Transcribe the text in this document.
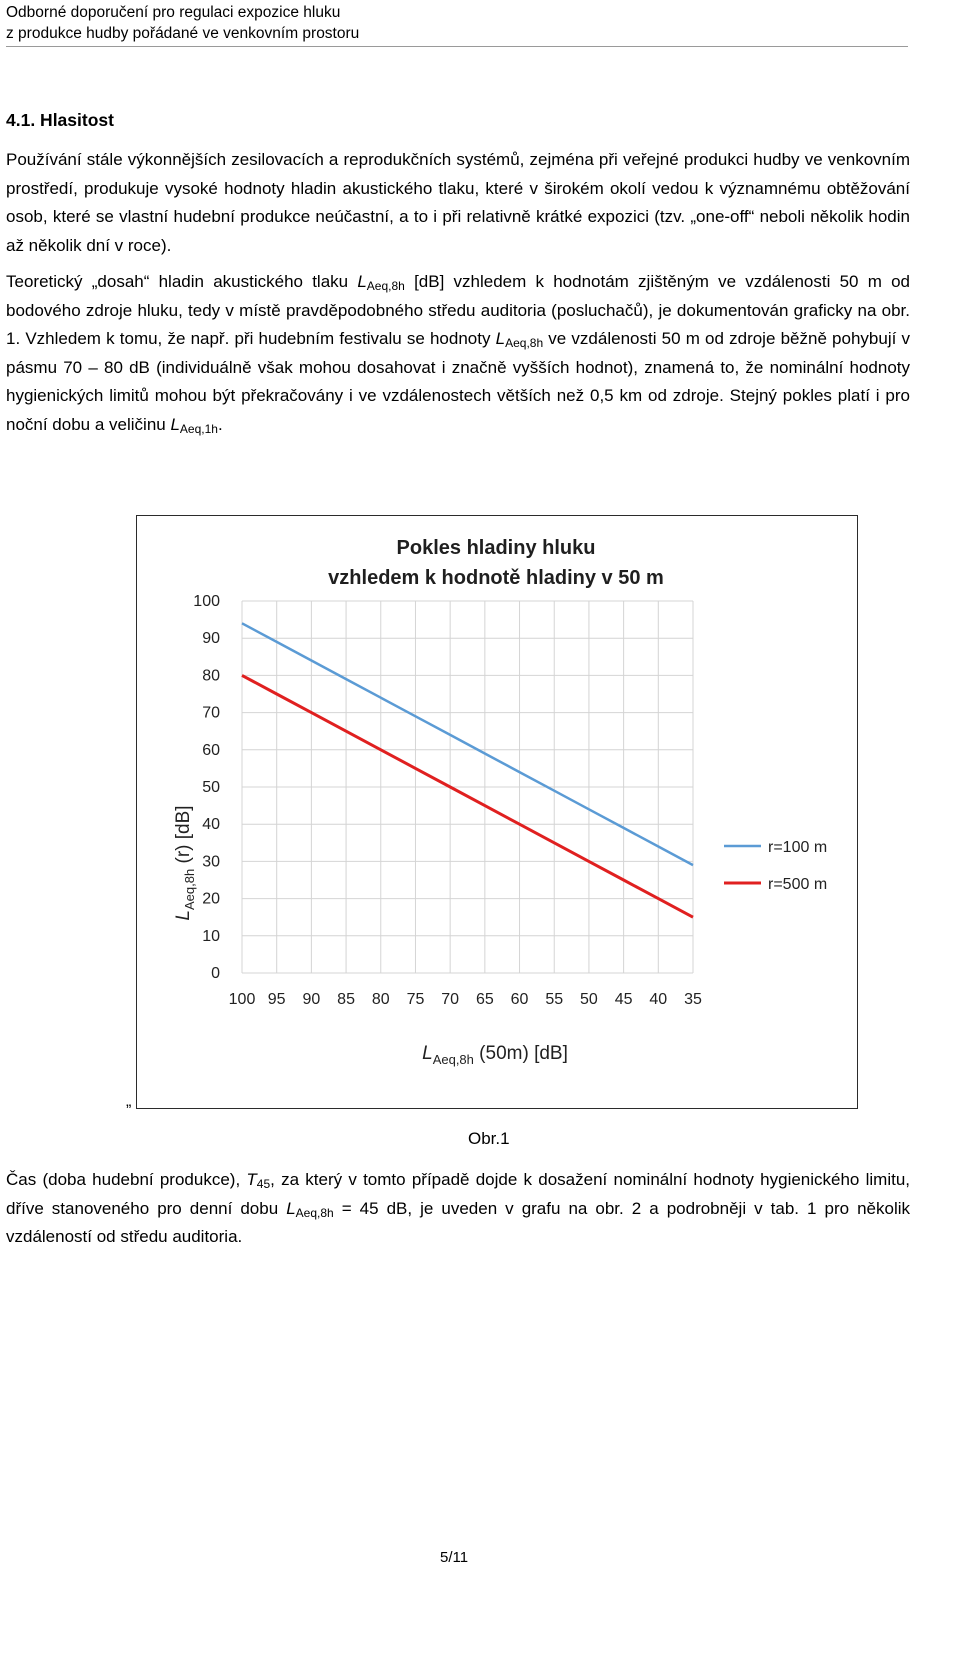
Odborné doporučení pro regulaci expozice hluku
z produkce hudby pořádané ve venkovním prostoru
4.1. Hlasitost
Používání stále výkonnějších zesilovacích a reprodukčních systémů, zejména při veřejné produkci hudby ve venkovním prostředí, produkuje vysoké hodnoty hladin akustického tlaku, které v širokém okolí vedou k významnému obtěžování osob, které se vlastní hudební produkce neúčastní, a to i při relativně krátké expozici (tzv. „one-off“ neboli několik hodin až několik dní v roce).
Teoretický „dosah“ hladin akustického tlaku $L_{Aeq,8h}$ [dB] vzhledem k hodnotám zjištěným ve vzdálenosti 50 m od bodového zdroje hluku, tedy v místě pravděpodobného středu auditoria (posluchačů), je dokumentován graficky na obr. 1. Vzhledem k tomu, že např. při hudebním festivalu se hodnoty $L_{Aeq,8h}$ ve vzdálenosti 50 m od zdroje běžně pohybují v pásmu 70 – 80 dB (individuálně však mohou dosahovat i značně vyšších hodnot), znamená to, že nominální hodnoty hygienických limitů mohou být překračovány i ve vzdálenostech větších než 0,5 km od zdroje. Stejný pokles platí i pro noční dobu a veličinu $L_{Aeq,1h}$.
0
10
20
30
40
50
60
70
80
90
100
100 95 90 85 80 75 70 65 60 55 50 45 40 35
r=100 m
r=500 m
Pokles hladiny hluku
vzhledem k hodnotě hladiny v 50 m
$L_{Aeq,8h}$ (r) [dB]
$L_{Aeq,8h}$ (50m) [dB]
„
Obr.1
Čas (doba hudební produkce), $T_{45}$, za který v tomto případě dojde k dosažení nominální hodnoty hygienického limitu, dříve stanoveného pro denní dobu $L_{Aeq,8h} = 45$ dB, je uveden v grafu na obr. 2 a podrobněji v tab. 1 pro několik vzdáleností od středu auditoria.
5/11
